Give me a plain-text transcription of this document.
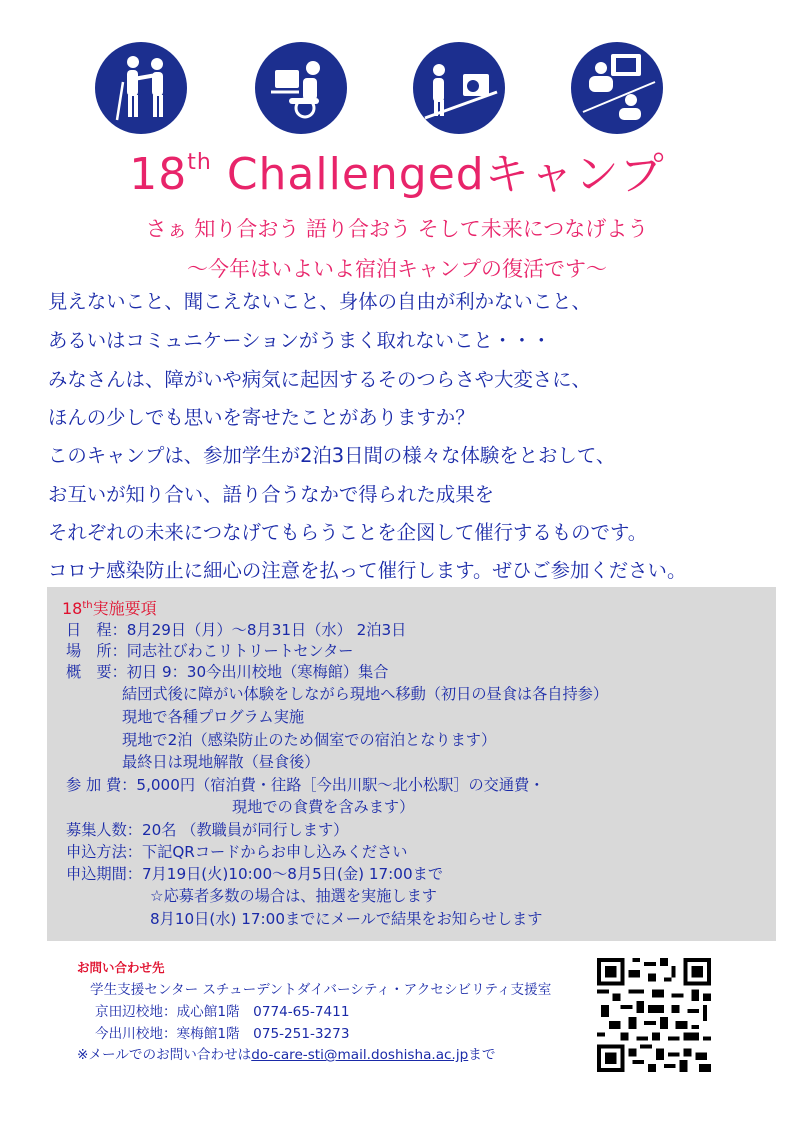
18th Challengedキャンプ
さぁ 知り合おう 語り合おう そして未来につなげよう
～今年はいよいよ宿泊キャンプの復活です～
見えないこと、聞こえないこと、身体の自由が利かないこと、
あるいはコミュニケーションがうまく取れないこと・・・
みなさんは、障がいや病気に起因するそのつらさや大変さに、
ほんの少しでも思いを寄せたことがありますか？
このキャンプは、参加学生が2泊3日間の様々な体験をとおして、
お互いが知り合い、語り合うなかで得られた成果を
それぞれの未来につなげてもらうことを企図して催行するものです。
コロナ感染防止に細心の注意を払って催行します。ぜひご参加ください。
18th実施要項
日　程：8月29日（月）～8月31日（水） 2泊3日
場　所：同志社びわこリトリートセンター
概　要：初日 9：30今出川校地（寒梅館）集合
結団式後に障がい体験をしながら現地へ移動（初日の昼食は各自持参）
現地で各種プログラム実施
現地で2泊（感染防止のため個室での宿泊となります）
最終日は現地解散（昼食後）
参 加 費：5,000円（宿泊費・往路［今出川駅～北小松駅］の交通費・
現地での食費を含みます）
募集人数：20名 （教職員が同行します）
申込方法：下記QRコードからお申し込みください
申込期間：7月19日(火)10:00～8月5日(金) 17:00まで
☆応募者多数の場合は、抽選を実施します
8月10日(水) 17:00までにメールで結果をお知らせします
お問い合わせ先
学生支援センター スチューデントダイバーシティ・アクセシビリティ支援室
京田辺校地：成心館1階　0774-65-7411
今出川校地：寒梅館1階　075-251-3273
※メールでのお問い合わせはdo-care-sti@mail.doshisha.ac.jpまで
